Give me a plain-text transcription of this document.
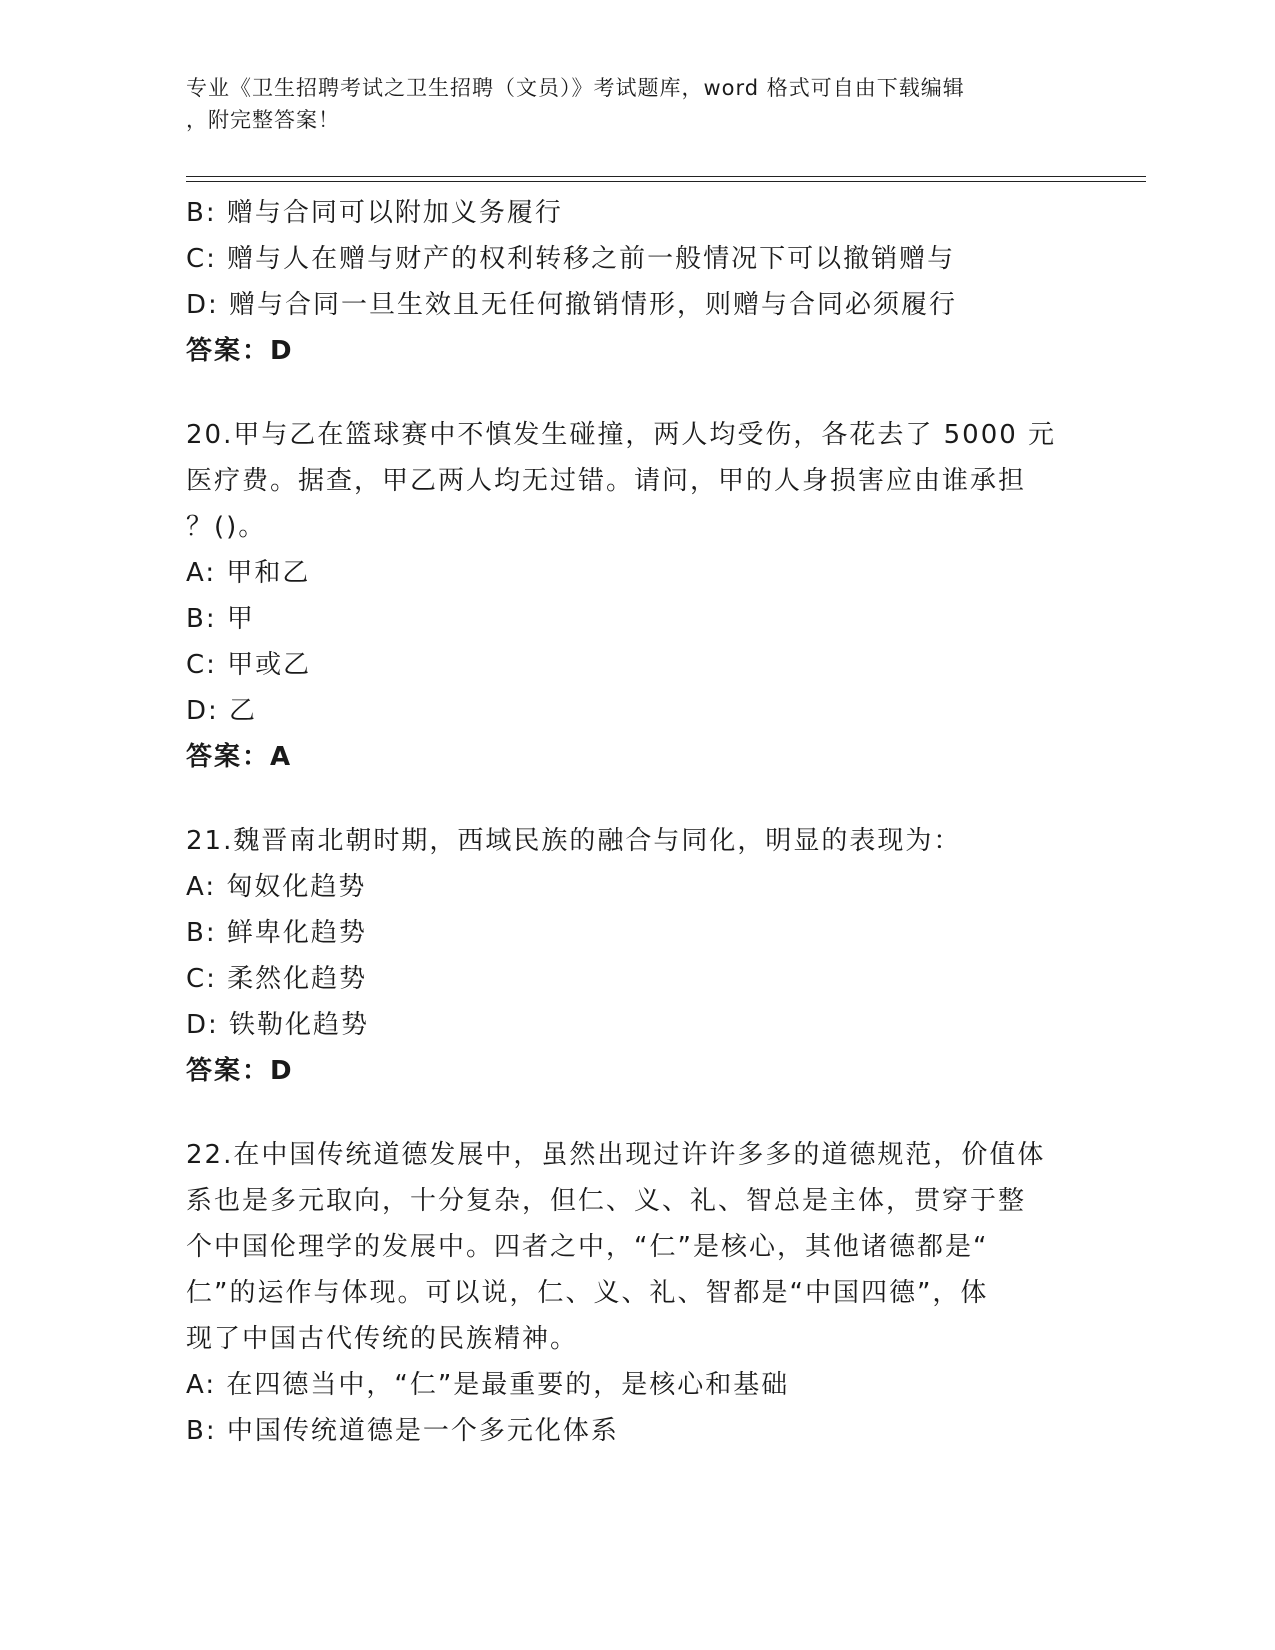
专业《卫生招聘考试之卫生招聘（文员）》考试题库，word 格式可自由下载编辑
，附完整答案！
B: 赠与合同可以附加义务履行
C: 赠与人在赠与财产的权利转移之前一般情况下可以撤销赠与
D: 赠与合同一旦生效且无任何撤销情形，则赠与合同必须履行
答案：D
20.甲与乙在篮球赛中不慎发生碰撞，两人均受伤，各花去了 5000 元
医疗费。据查，甲乙两人均无过错。请问，甲的人身损害应由谁承担
？()。
A: 甲和乙
B: 甲
C: 甲或乙
D: 乙
答案：A
21.魏晋南北朝时期，西域民族的融合与同化，明显的表现为：
A: 匈奴化趋势
B: 鲜卑化趋势
C: 柔然化趋势
D: 铁勒化趋势
答案：D
22.在中国传统道德发展中，虽然出现过许许多多的道德规范，价值体
系也是多元取向，十分复杂，但仁、义、礼、智总是主体，贯穿于整
个中国伦理学的发展中。四者之中，“仁”是核心，其他诸德都是“
仁”的运作与体现。可以说，仁、义、礼、智都是“中国四德”，体
现了中国古代传统的民族精神。
A: 在四德当中，“仁”是最重要的，是核心和基础
B: 中国传统道德是一个多元化体系
